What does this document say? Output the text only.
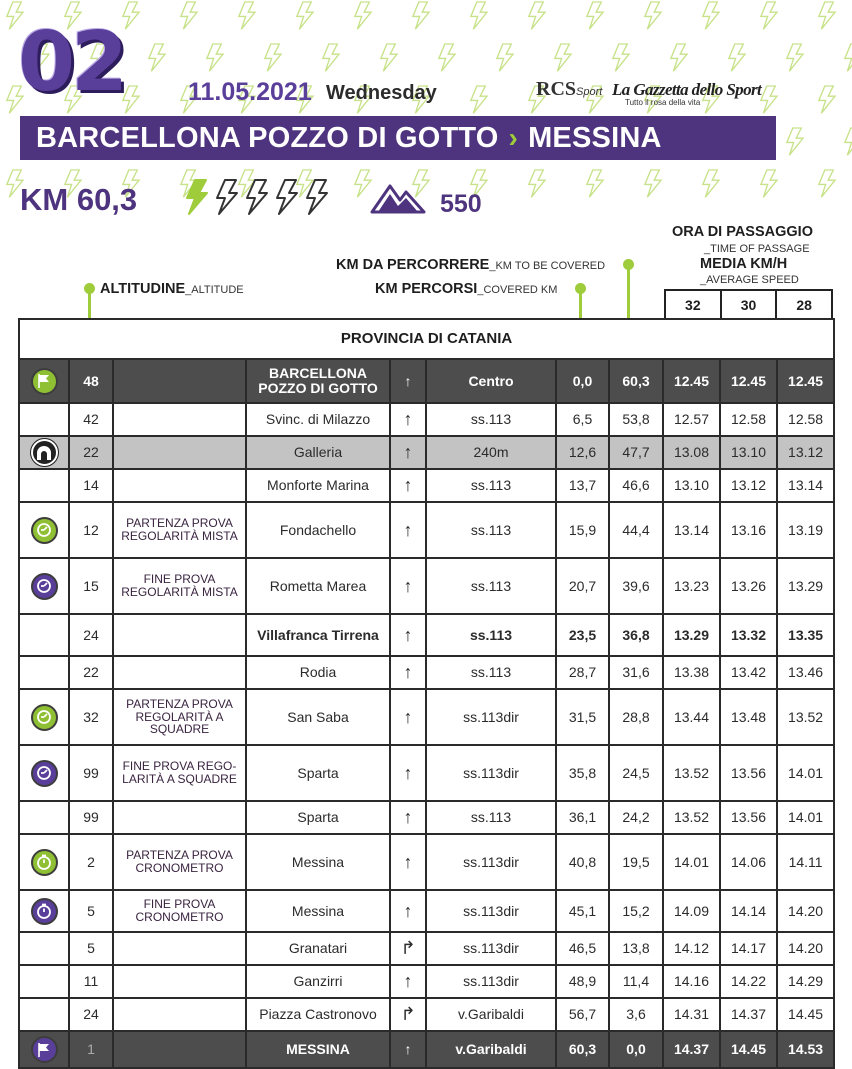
02	11.05.2021 Wednesday	RCSSport La Gazzetta dello Sport
Tutto il rosa della vita
BARCELLONA POZZO DI GOTTO › MESSINA
KM 60,3	550
ALTITUDINE_ALTITUDE
KM DA PERCORRERE_KM TO BE COVERED
KM PERCORSI_COVERED KM
ORA DI PASSAGGIO
_TIME OF PASSAGE
MEDIA KM/H
_AVERAGE SPEED
32	30	28
PROVINCIA DI CATANIA										

	48		BARCELLONA POZZO DI GOTTO	↑	Centro	0,0	60,3	12.45	12.45	12.45
	42		Svinc. di Milazzo	↑	ss.113	6,5	53,8	12.57	12.58	12.58

	22		Galleria	↑	240m	12,6	47,7	13.08	13.10	13.12
	14		Monforte Marina	↑	ss.113	13,7	46,6	13.10	13.12	13.14

	12	PARTENZA PROVA REGOLARITÀ MISTA	Fondachello	↑	ss.113	15,9	44,4	13.14	13.16	13.19

	15	FINE PROVA REGOLARITÀ MISTA	Rometta Marea	↑	ss.113	20,7	39,6	13.23	13.26	13.29
	24		Villafranca Tirrena	↑	ss.113	23,5	36,8	13.29	13.32	13.35
	22		Rodia	↑	ss.113	28,7	31,6	13.38	13.42	13.46

	32	PARTENZA PROVA REGOLARITÀ A SQUADRE	San Saba	↑	ss.113dir	31,5	28,8	13.44	13.48	13.52

	99	FINE PROVA REGO-LARITÀ A SQUADRE	Sparta	↑	ss.113dir	35,8	24,5	13.52	13.56	14.01
	99		Sparta	↑	ss.113	36,1	24,2	13.52	13.56	14.01

	2	PARTENZA PROVA CRONOMETRO	Messina	↑	ss.113dir	40,8	19,5	14.01	14.06	14.11

	5	FINE PROVA CRONOMETRO	Messina	↑	ss.113dir	45,1	15,2	14.09	14.14	14.20
	5		Granatari	↱	ss.113dir	46,5	13,8	14.12	14.17	14.20
	11		Ganzirri	↑	ss.113dir	48,9	11,4	14.16	14.22	14.29
	24		Piazza Castronovo	↱	v.Garibaldi	56,7	3,6	14.31	14.37	14.45

	1		MESSINA	↑	v.Garibaldi	60,3	0,0	14.37	14.45	14.53
